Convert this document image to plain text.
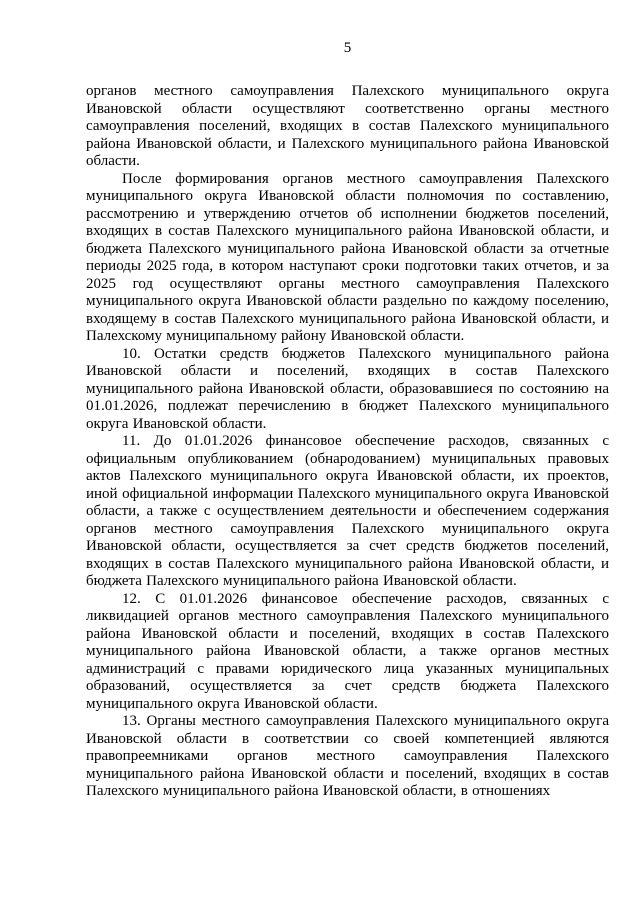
5

органов местного самоуправления Палехского муниципального округа Ивановской области осуществляют соответственно органы местного самоуправления поселений, входящих в состав Палехского муниципального района Ивановской области, и Палехского муниципального района Ивановской области.

После формирования органов местного самоуправления Палехского муниципального округа Ивановской области полномочия по составлению, рассмотрению и утверждению отчетов об исполнении бюджетов поселений, входящих в состав Палехского муниципального района Ивановской области, и бюджета Палехского муниципального района Ивановской области за отчетные периоды 2025 года, в котором наступают сроки подготовки таких отчетов, и за 2025 год осуществляют органы местного самоуправления Палехского муниципального округа Ивановской области раздельно по каждому поселению, входящему в состав Палехского муниципального района Ивановской области, и Палехскому муниципальному району Ивановской области.

10. Остатки средств бюджетов Палехского муниципального района Ивановской области и поселений, входящих в состав Палехского муниципального района Ивановской области, образовавшиеся по состоянию на 01.01.2026, подлежат перечислению в бюджет Палехского муниципального округа Ивановской области.

11. До 01.01.2026 финансовое обеспечение расходов, связанных с официальным опубликованием (обнародованием) муниципальных правовых актов Палехского муниципального округа Ивановской области, их проектов, иной официальной информации Палехского муниципального округа Ивановской области, а также с осуществлением деятельности и обеспечением содержания органов местного самоуправления Палехского муниципального округа Ивановской области, осуществляется за счет средств бюджетов поселений, входящих в состав Палехского муниципального района Ивановской области, и бюджета Палехского муниципального района Ивановской области.

12. С 01.01.2026 финансовое обеспечение расходов, связанных с ликвидацией органов местного самоуправления Палехского муниципального района Ивановской области и поселений, входящих в состав Палехского муниципального района Ивановской области, а также органов местных администраций с правами юридического лица указанных муниципальных образований, осуществляется за счет средств бюджета Палехского муниципального округа Ивановской области.

13. Органы местного самоуправления Палехского муниципального округа Ивановской области в соответствии со своей компетенцией являются правопреемниками органов местного самоуправления Палехского муниципального района Ивановской области и поселений, входящих в состав Палехского муниципального района Ивановской области, в отношениях
